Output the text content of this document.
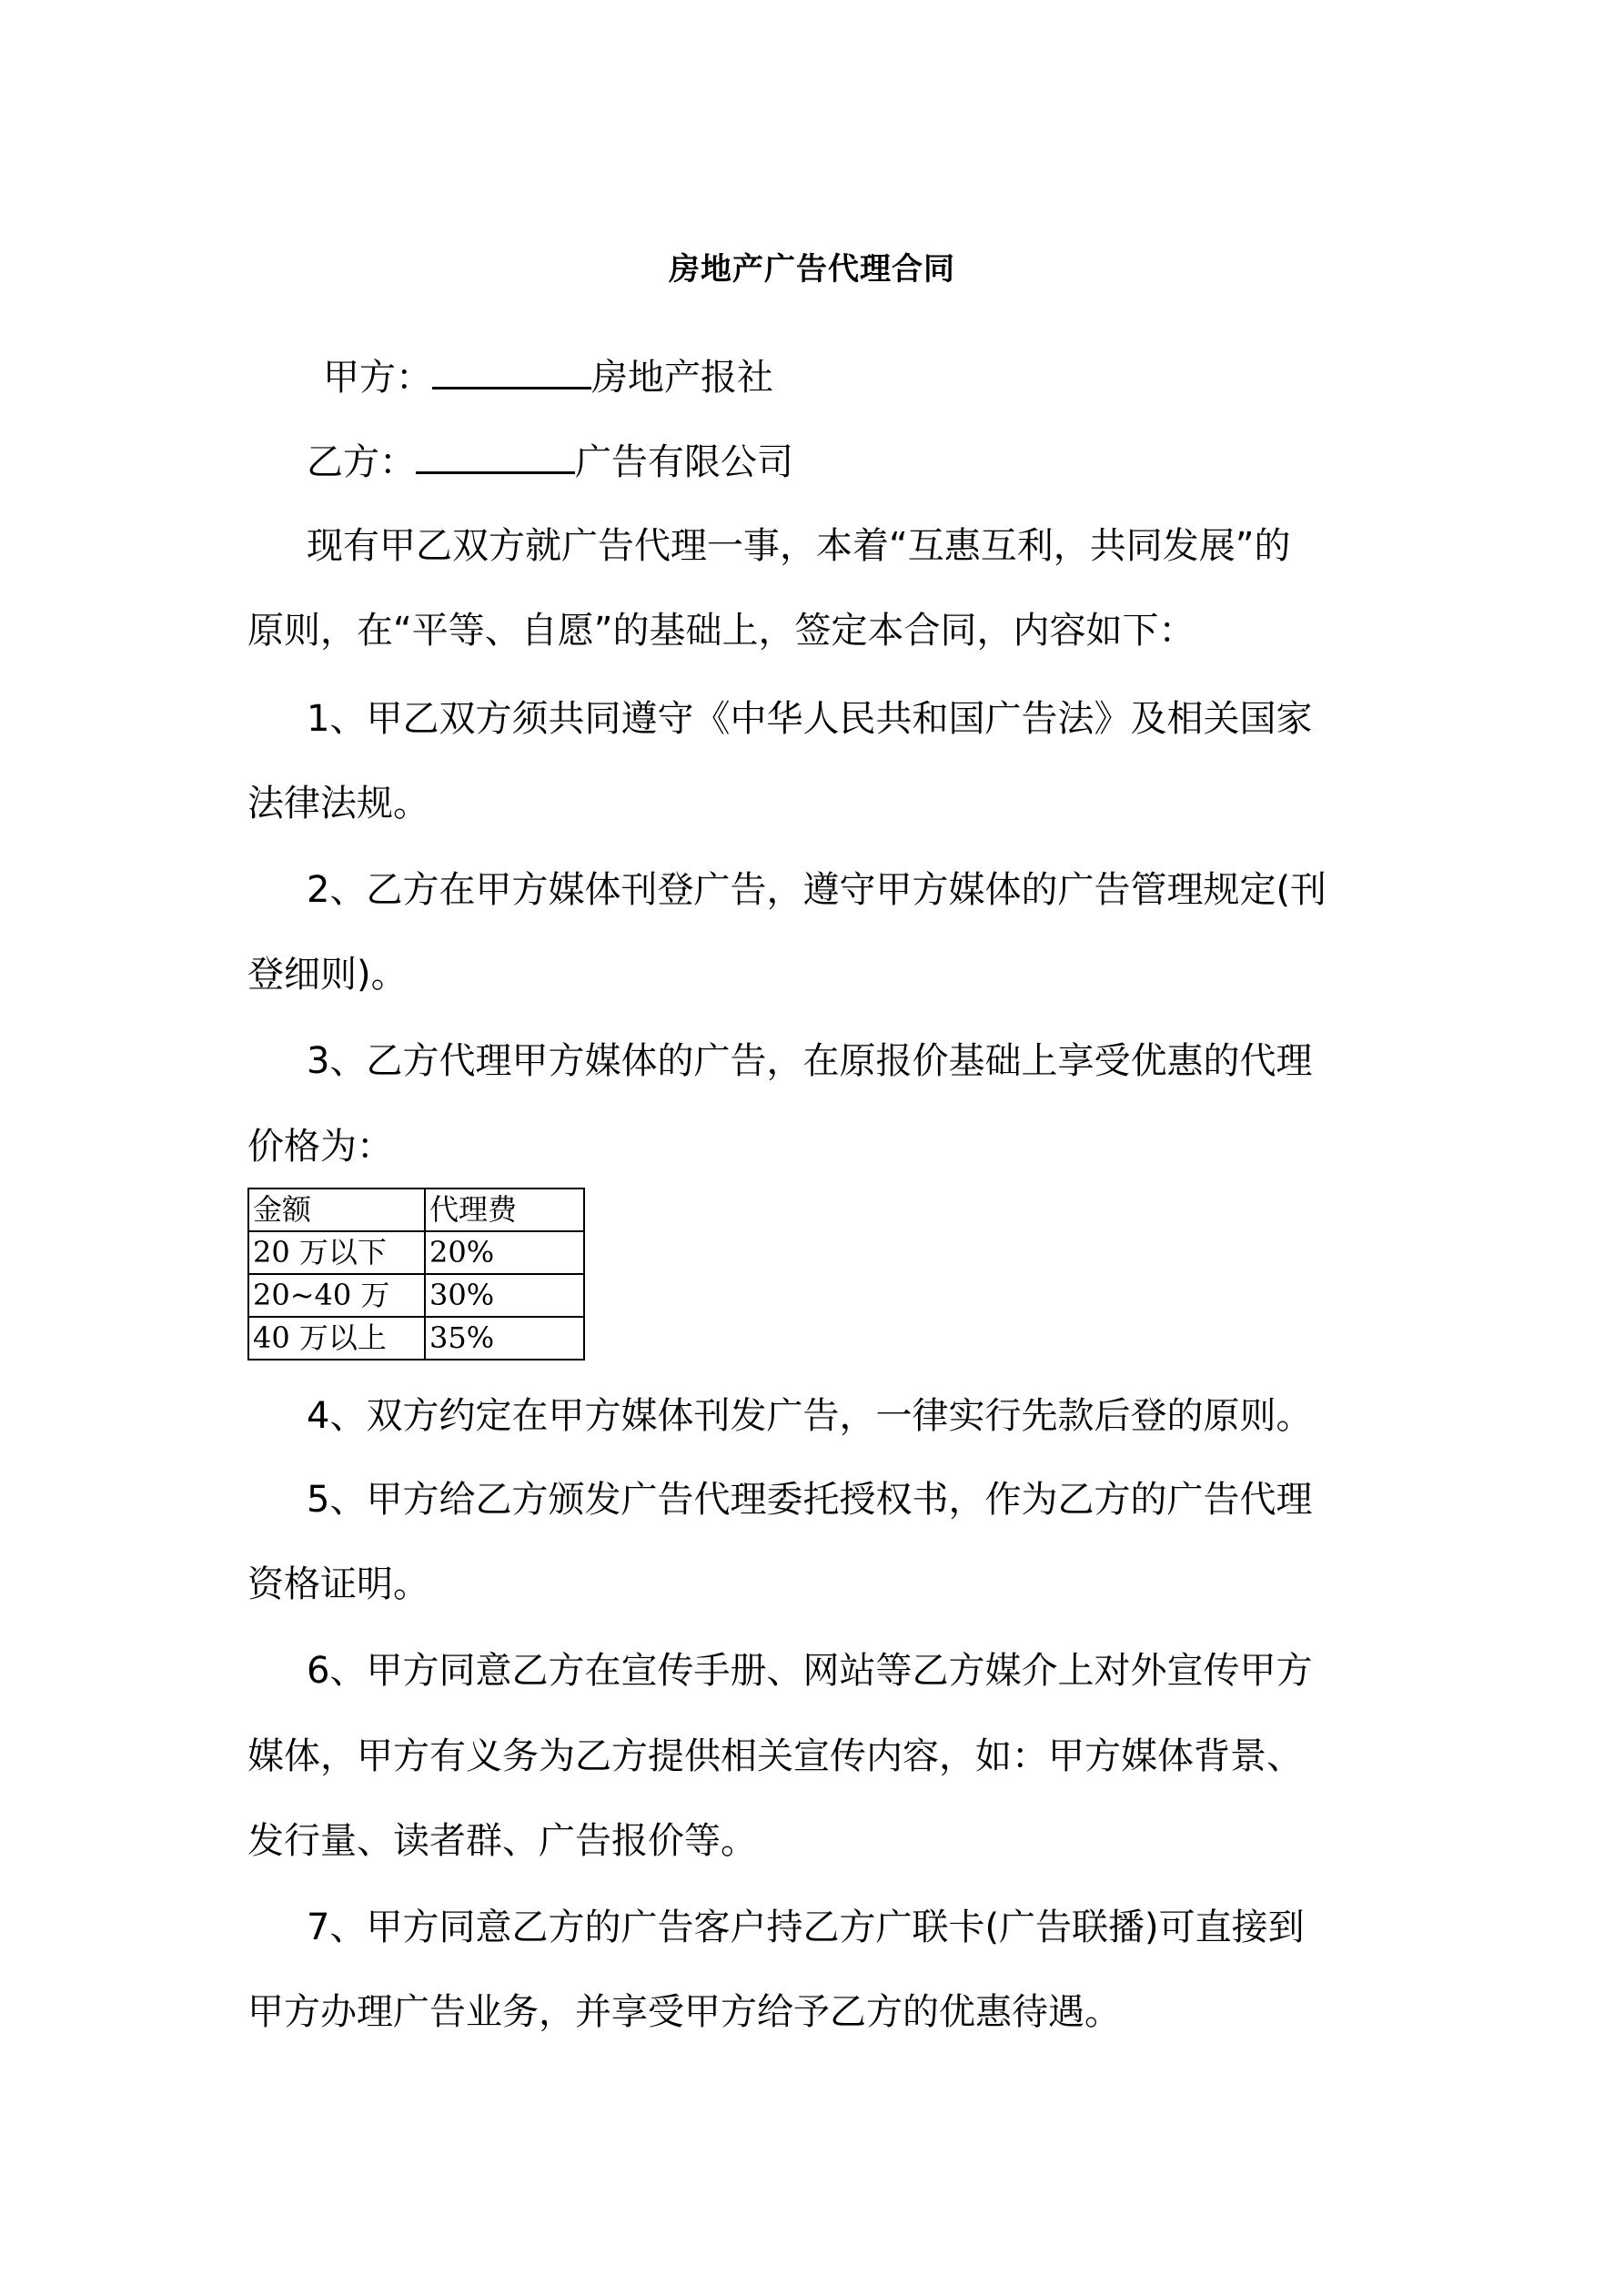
房地产广告代理合同
甲方：	房地产报社
乙方：	广告有限公司
现有甲乙双方就广告代理一事，本着“互惠互利，共同发展”的
原则，在“平等、自愿”的基础上，签定本合同，内容如下：
1、甲乙双方须共同遵守《中华人民共和国广告法》及相关国家
法律法规。
2、乙方在甲方媒体刊登广告，遵守甲方媒体的广告管理规定(刊
登细则)。
3、乙方代理甲方媒体的广告，在原报价基础上享受优惠的代理
价格为：
金额	代理费
20 万以下	20%
20~40 万	30%
40 万以上	35%
4、双方约定在甲方媒体刊发广告，一律实行先款后登的原则。
5、甲方给乙方颁发广告代理委托授权书，作为乙方的广告代理
资格证明。
6、甲方同意乙方在宣传手册、网站等乙方媒介上对外宣传甲方
媒体，甲方有义务为乙方提供相关宣传内容，如：甲方媒体背景、
发行量、读者群、广告报价等。
7、甲方同意乙方的广告客户持乙方广联卡(广告联播)可直接到
甲方办理广告业务，并享受甲方给予乙方的优惠待遇。
